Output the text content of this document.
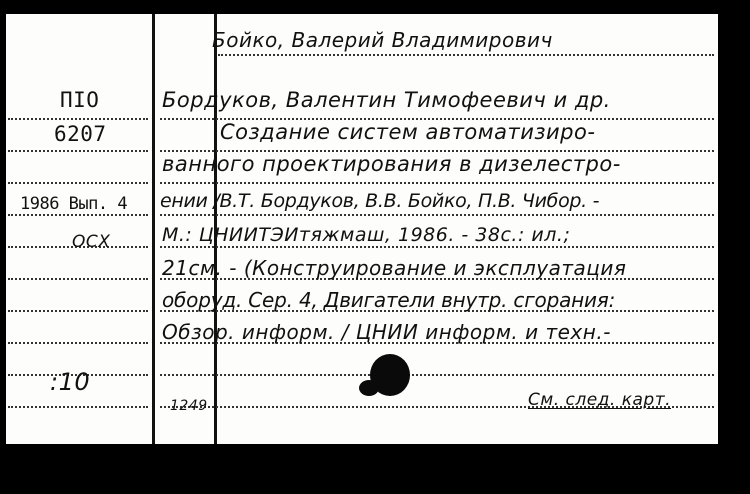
Бойко, Валерий Владимирович
ПIО
6207
1986 Вып. 4
ОСХ
:10
Бордуков, Валентин Тимофеевич и др.
Создание систем автоматизиро-
ванного проектирования в дизелестро-
ении /В.Т. Бордуков, В.В. Бойко, П.В. Чибор. -
М.: ЦНИИТЭИтяжмаш, 1986. - 38с.: ил.;
21см. - (Конструирование и эксплуатация
оборуд. Сер. 4, Двигатели внутр. сгорания:
Обзор. информ. / ЦНИИ информ. и техн.-
1249	См. след. карт.
